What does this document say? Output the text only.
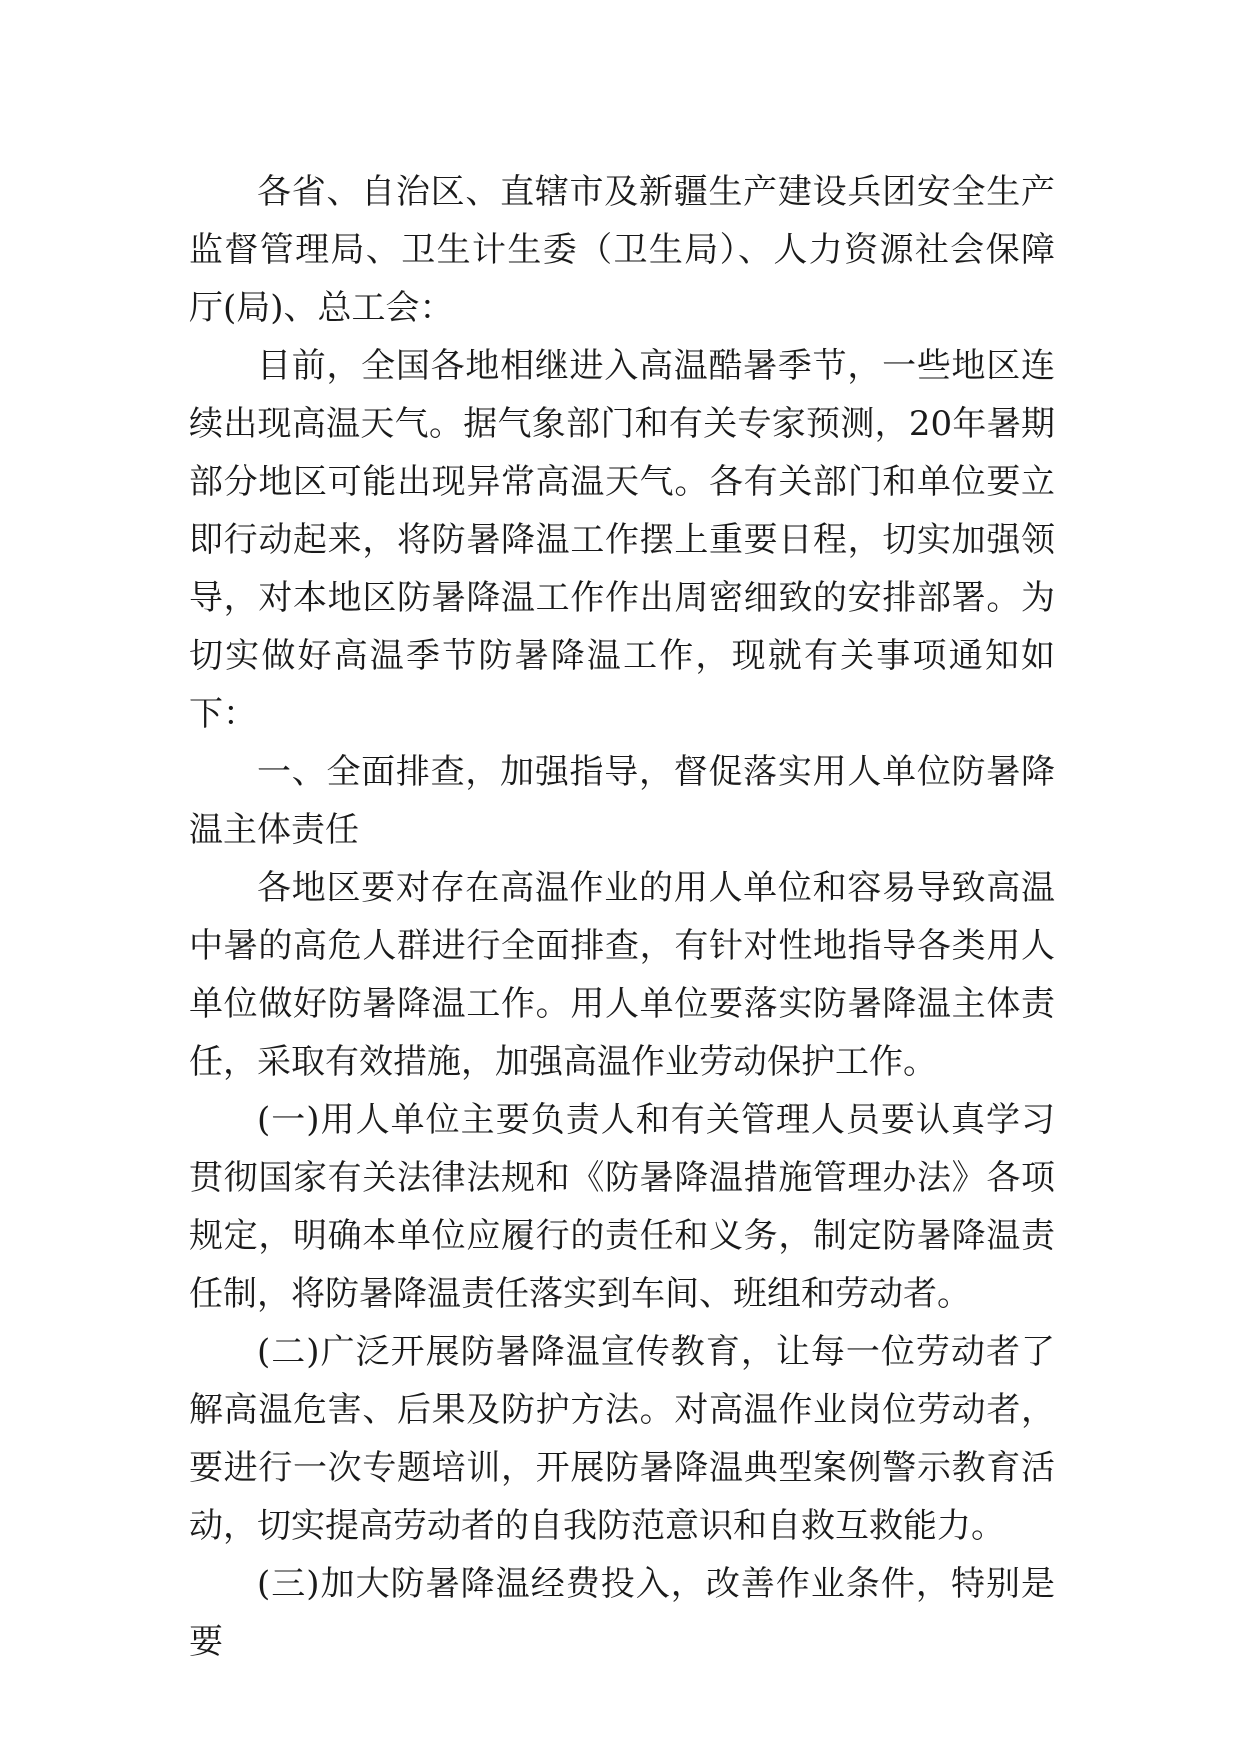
各省、自治区、直辖市及新疆生产建设兵团安全生产监督管理局、卫生计生委（卫生局）、人力资源社会保障厅(局)、总工会：

目前，全国各地相继进入高温酷暑季节，一些地区连续出现高温天气。据气象部门和有关专家预测，20年暑期部分地区可能出现异常高温天气。各有关部门和单位要立即行动起来，将防暑降温工作摆上重要日程，切实加强领导，对本地区防暑降温工作作出周密细致的安排部署。为切实做好高温季节防暑降温工作，现就有关事项通知如下：

一、全面排查，加强指导，督促落实用人单位防暑降温主体责任

各地区要对存在高温作业的用人单位和容易导致高温中暑的高危人群进行全面排查，有针对性地指导各类用人单位做好防暑降温工作。用人单位要落实防暑降温主体责任，采取有效措施，加强高温作业劳动保护工作。

(一)用人单位主要负责人和有关管理人员要认真学习贯彻国家有关法律法规和《防暑降温措施管理办法》各项规定，明确本单位应履行的责任和义务，制定防暑降温责任制，将防暑降温责任落实到车间、班组和劳动者。

(二)广泛开展防暑降温宣传教育，让每一位劳动者了解高温危害、后果及防护方法。对高温作业岗位劳动者，要进行一次专题培训，开展防暑降温典型案例警示教育活动，切实提高劳动者的自我防范意识和自救互救能力。

(三)加大防暑降温经费投入，改善作业条件，特别是要
